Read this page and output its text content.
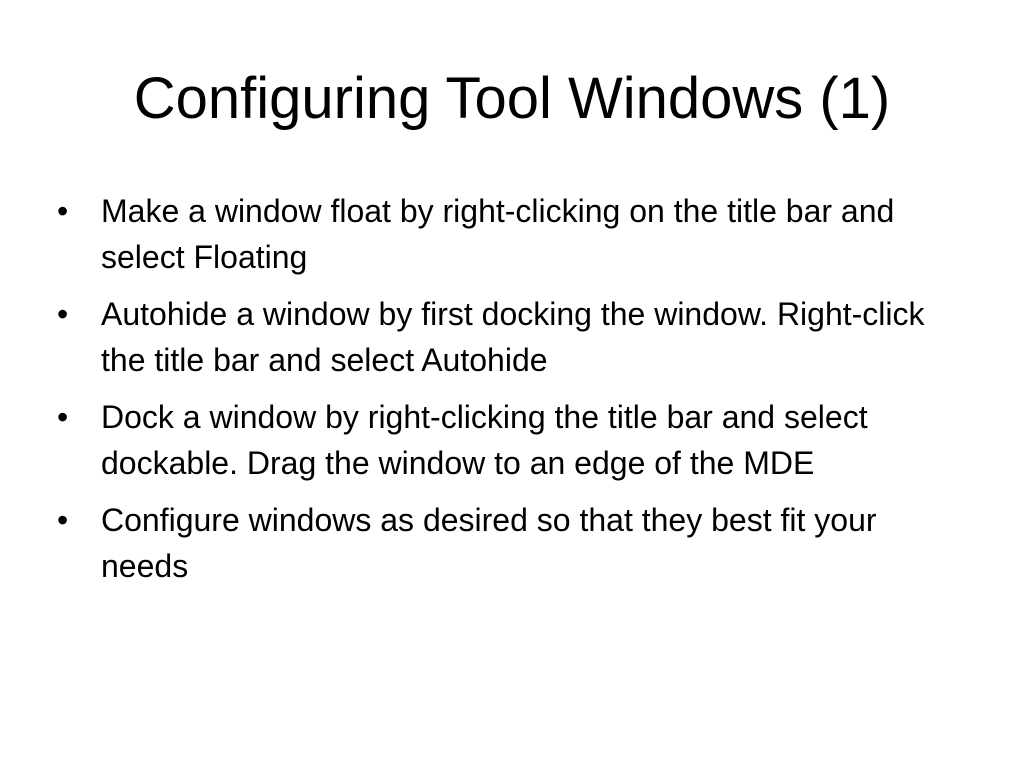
Configuring Tool Windows (1)
•	Make a window float by right-clicking on the title bar and select Floating
•	Autohide a window by first docking the window. Right-click the title bar and select Autohide
•	Dock a window by right-clicking the title bar and select dockable. Drag the window to an edge of the MDE
•	Configure windows as desired so that they best fit your needs
